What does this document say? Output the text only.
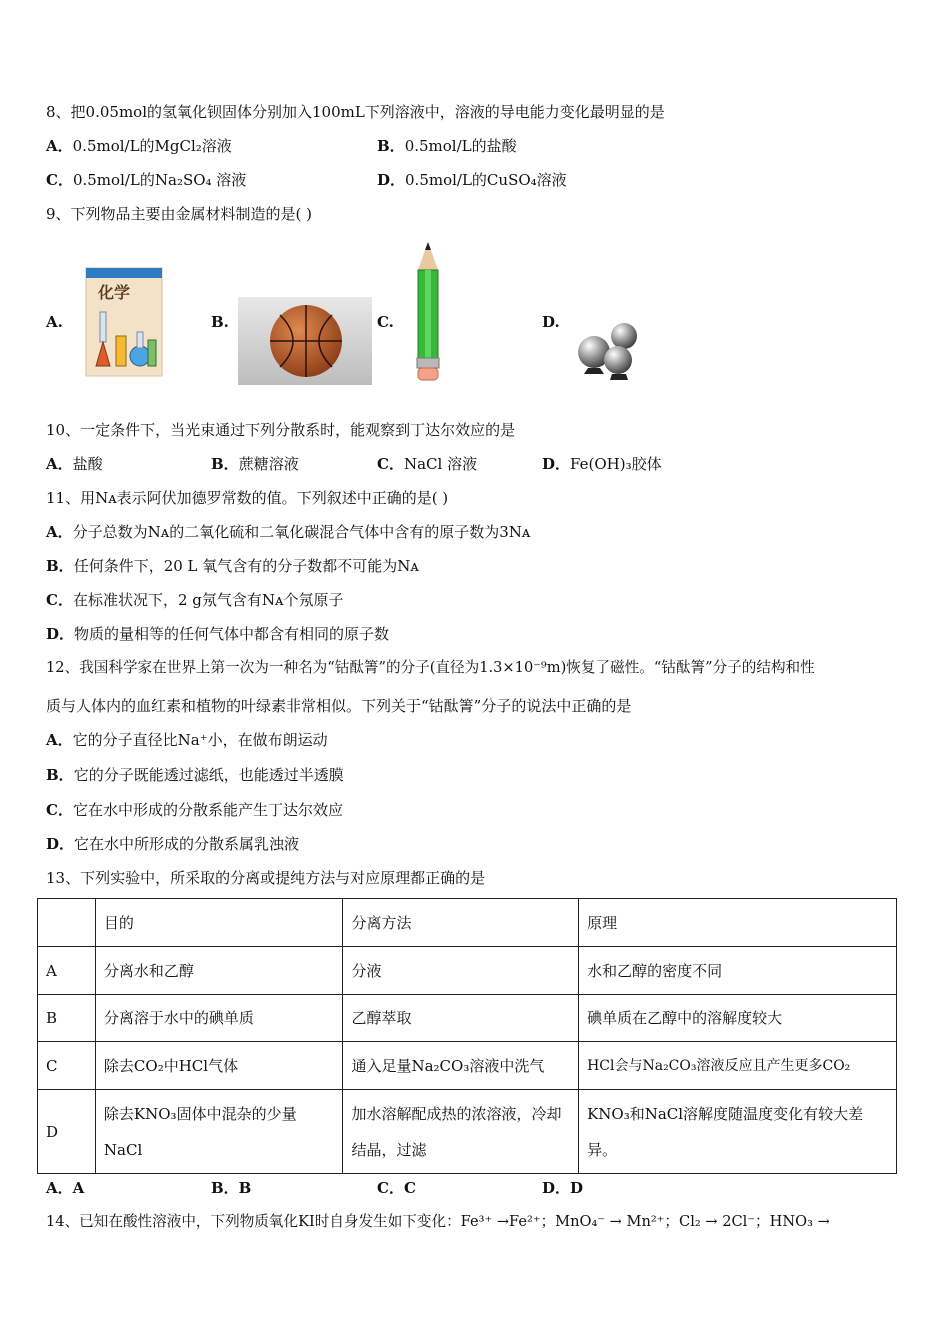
8、把0.05mol的氢氧化钡固体分别加入100mL下列溶液中，溶液的导电能力变化最明显的是
A．0.5mol/L的MgCl₂溶液	B．0.5mol/L的盐酸
C．0.5mol/L的Na₂SO₄ 溶液	D．0.5mol/L的CuSO₄溶液
9、下列物品主要由金属材料制造的是( )
A.	B.	C.	D.
化学
10、一定条件下，当光束通过下列分散系时，能观察到丁达尔效应的是
A．盐酸	B．蔗糖溶液	C．NaCl 溶液	D．Fe(OH)₃胶体
11、用Nᴀ表示阿伏加德罗常数的值。下列叙述中正确的是( )
A．分子总数为Nᴀ的二氧化硫和二氧化碳混合气体中含有的原子数为3Nᴀ
B．任何条件下，20 L 氧气含有的分子数都不可能为Nᴀ
C．在标准状况下，2 g氖气含有Nᴀ个氖原子
D．物质的量相等的任何气体中都含有相同的原子数
12、我国科学家在世界上第一次为一种名为“钴酞箐”的分子(直径为1.3×10⁻⁹m)恢复了磁性。“钴酞箐”分子的结构和性
质与人体内的血红素和植物的叶绿素非常相似。下列关于“钴酞箐”分子的说法中正确的是
A．它的分子直径比Na⁺小，在做布朗运动
B．它的分子既能透过滤纸，也能透过半透膜
C．它在水中形成的分散系能产生丁达尔效应
D．它在水中所形成的分散系属乳浊液
13、下列实验中，所采取的分离或提纯方法与对应原理都正确的是
	目的	分离方法	原理
A	分离水和乙醇	分液	水和乙醇的密度不同
B	分离溶于水中的碘单质	乙醇萃取	碘单质在乙醇中的溶解度较大
C	除去CO₂中HCl气体	通入足量Na₂CO₃溶液中洗气	HCl会与Na₂CO₃溶液反应且产生更多CO₂
D	除去KNO₃固体中混杂的少量NaCl	加水溶解配成热的浓溶液，冷却结晶，过滤	KNO₃和NaCl溶解度随温度变化有较大差异。
A．A	B．B	C．C	D．D
14、已知在酸性溶液中，下列物质氧化KI时自身发生如下变化：Fe³⁺ →Fe²⁺；MnO₄⁻ → Mn²⁺；Cl₂ → 2Cl⁻；HNO₃ →
